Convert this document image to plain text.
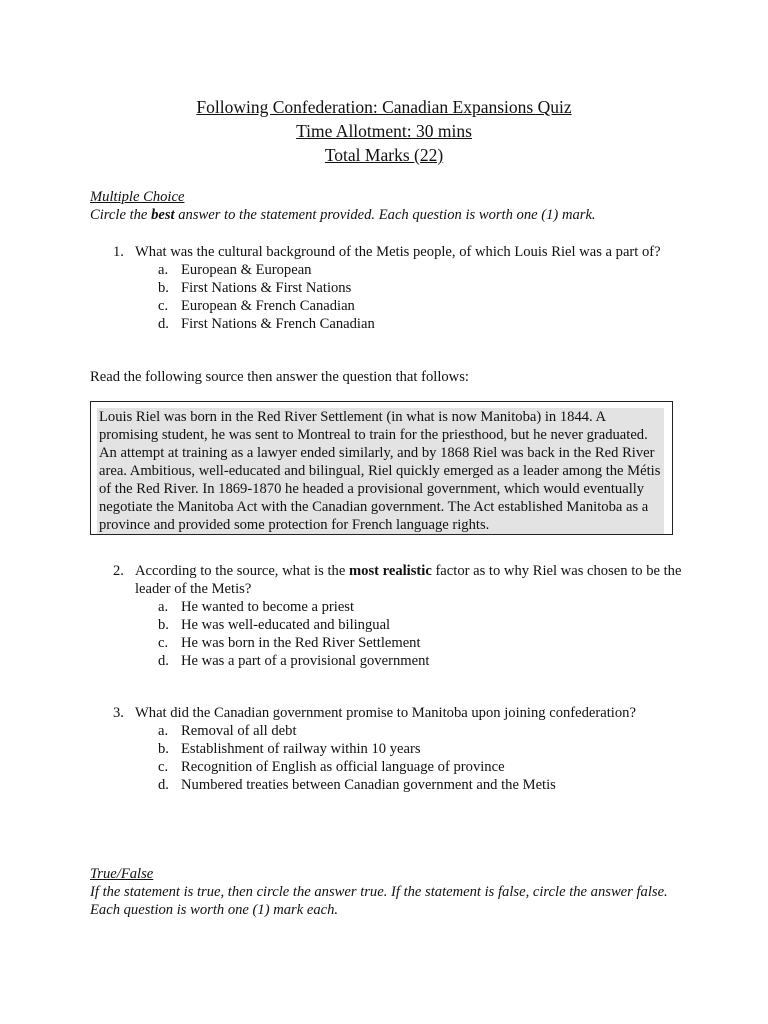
Following Confederation: Canadian Expansions Quiz
Time Allotment: 30 mins
Total Marks (22)
Multiple Choice
Circle the best answer to the statement provided. Each question is worth one (1) mark.
1. What was the cultural background of the Metis people, of which Louis Riel was a part of?
a. European & European
b. First Nations & First Nations
c. European & French Canadian
d. First Nations & French Canadian
Read the following source then answer the question that follows:
Louis Riel was born in the Red River Settlement (in what is now Manitoba) in 1844. A promising student, he was sent to Montreal to train for the priesthood, but he never graduated. An attempt at training as a lawyer ended similarly, and by 1868 Riel was back in the Red River area. Ambitious, well-educated and bilingual, Riel quickly emerged as a leader among the Métis of the Red River. In 1869-1870 he headed a provisional government, which would eventually negotiate the Manitoba Act with the Canadian government. The Act established Manitoba as a province and provided some protection for French language rights.
2. According to the source, what is the most realistic factor as to why Riel was chosen to be the leader of the Metis?
a. He wanted to become a priest
b. He was well-educated and bilingual
c. He was born in the Red River Settlement
d. He was a part of a provisional government
3. What did the Canadian government promise to Manitoba upon joining confederation?
a. Removal of all debt
b. Establishment of railway within 10 years
c. Recognition of English as official language of province
d. Numbered treaties between Canadian government and the Metis
True/False
If the statement is true, then circle the answer true. If the statement is false, circle the answer false. Each question is worth one (1) mark each.
